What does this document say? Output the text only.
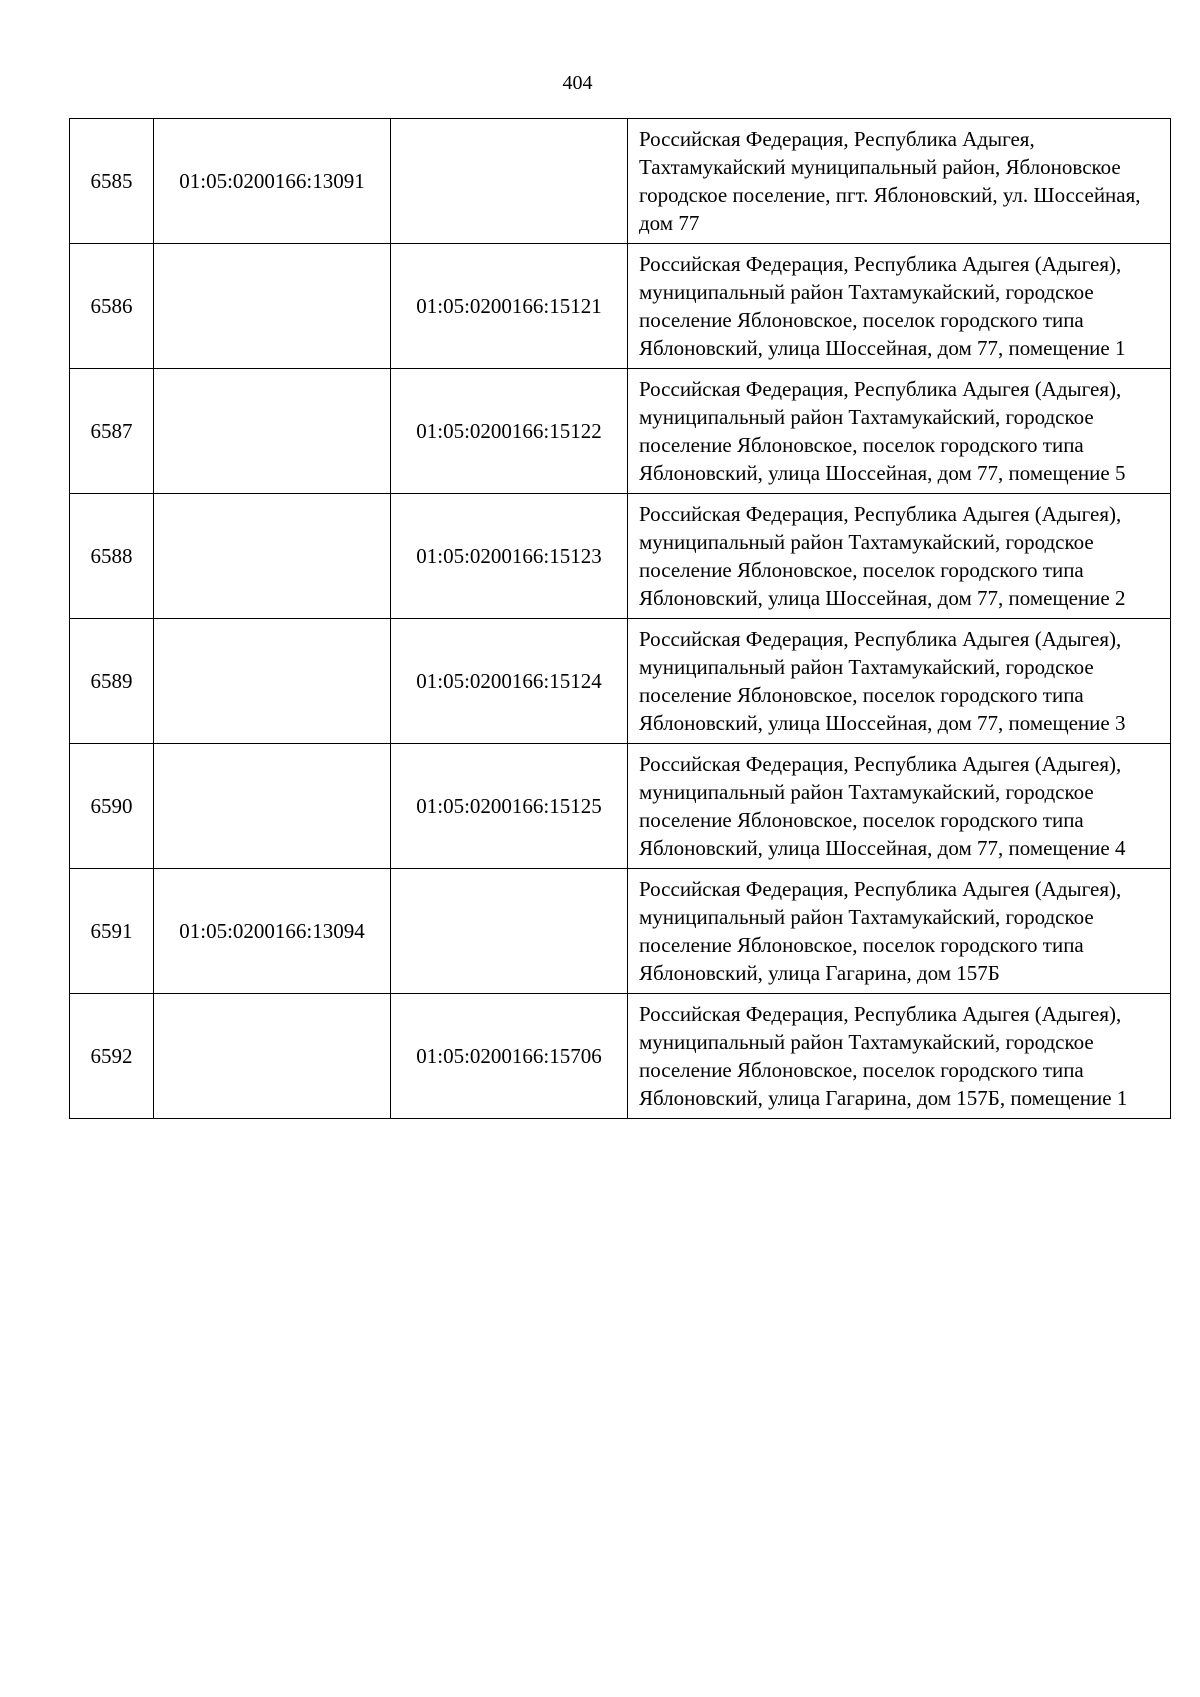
404
6585	01:05:0200166:13091		Российская Федерация, Республика Адыгея, Тахтамукайский муниципальный район, Яблоновское городское поселение, пгт. Яблоновский, ул. Шоссейная, дом 77
6586		01:05:0200166:15121	Российская Федерация, Республика Адыгея (Адыгея), муниципальный район Тахтамукайский, городское поселение Яблоновское, поселок городского типа Яблоновский, улица Шоссейная, дом 77, помещение 1
6587		01:05:0200166:15122	Российская Федерация, Республика Адыгея (Адыгея), муниципальный район Тахтамукайский, городское поселение Яблоновское, поселок городского типа Яблоновский, улица Шоссейная, дом 77, помещение 5
6588		01:05:0200166:15123	Российская Федерация, Республика Адыгея (Адыгея), муниципальный район Тахтамукайский, городское поселение Яблоновское, поселок городского типа Яблоновский, улица Шоссейная, дом 77, помещение 2
6589		01:05:0200166:15124	Российская Федерация, Республика Адыгея (Адыгея), муниципальный район Тахтамукайский, городское поселение Яблоновское, поселок городского типа Яблоновский, улица Шоссейная, дом 77, помещение 3
6590		01:05:0200166:15125	Российская Федерация, Республика Адыгея (Адыгея), муниципальный район Тахтамукайский, городское поселение Яблоновское, поселок городского типа Яблоновский, улица Шоссейная, дом 77, помещение 4
6591	01:05:0200166:13094		Российская Федерация, Республика Адыгея (Адыгея), муниципальный район Тахтамукайский, городское поселение Яблоновское, поселок городского типа Яблоновский, улица Гагарина, дом 157Б
6592		01:05:0200166:15706	Российская Федерация, Республика Адыгея (Адыгея), муниципальный район Тахтамукайский, городское поселение Яблоновское, поселок городского типа Яблоновский, улица Гагарина, дом 157Б, помещение 1
